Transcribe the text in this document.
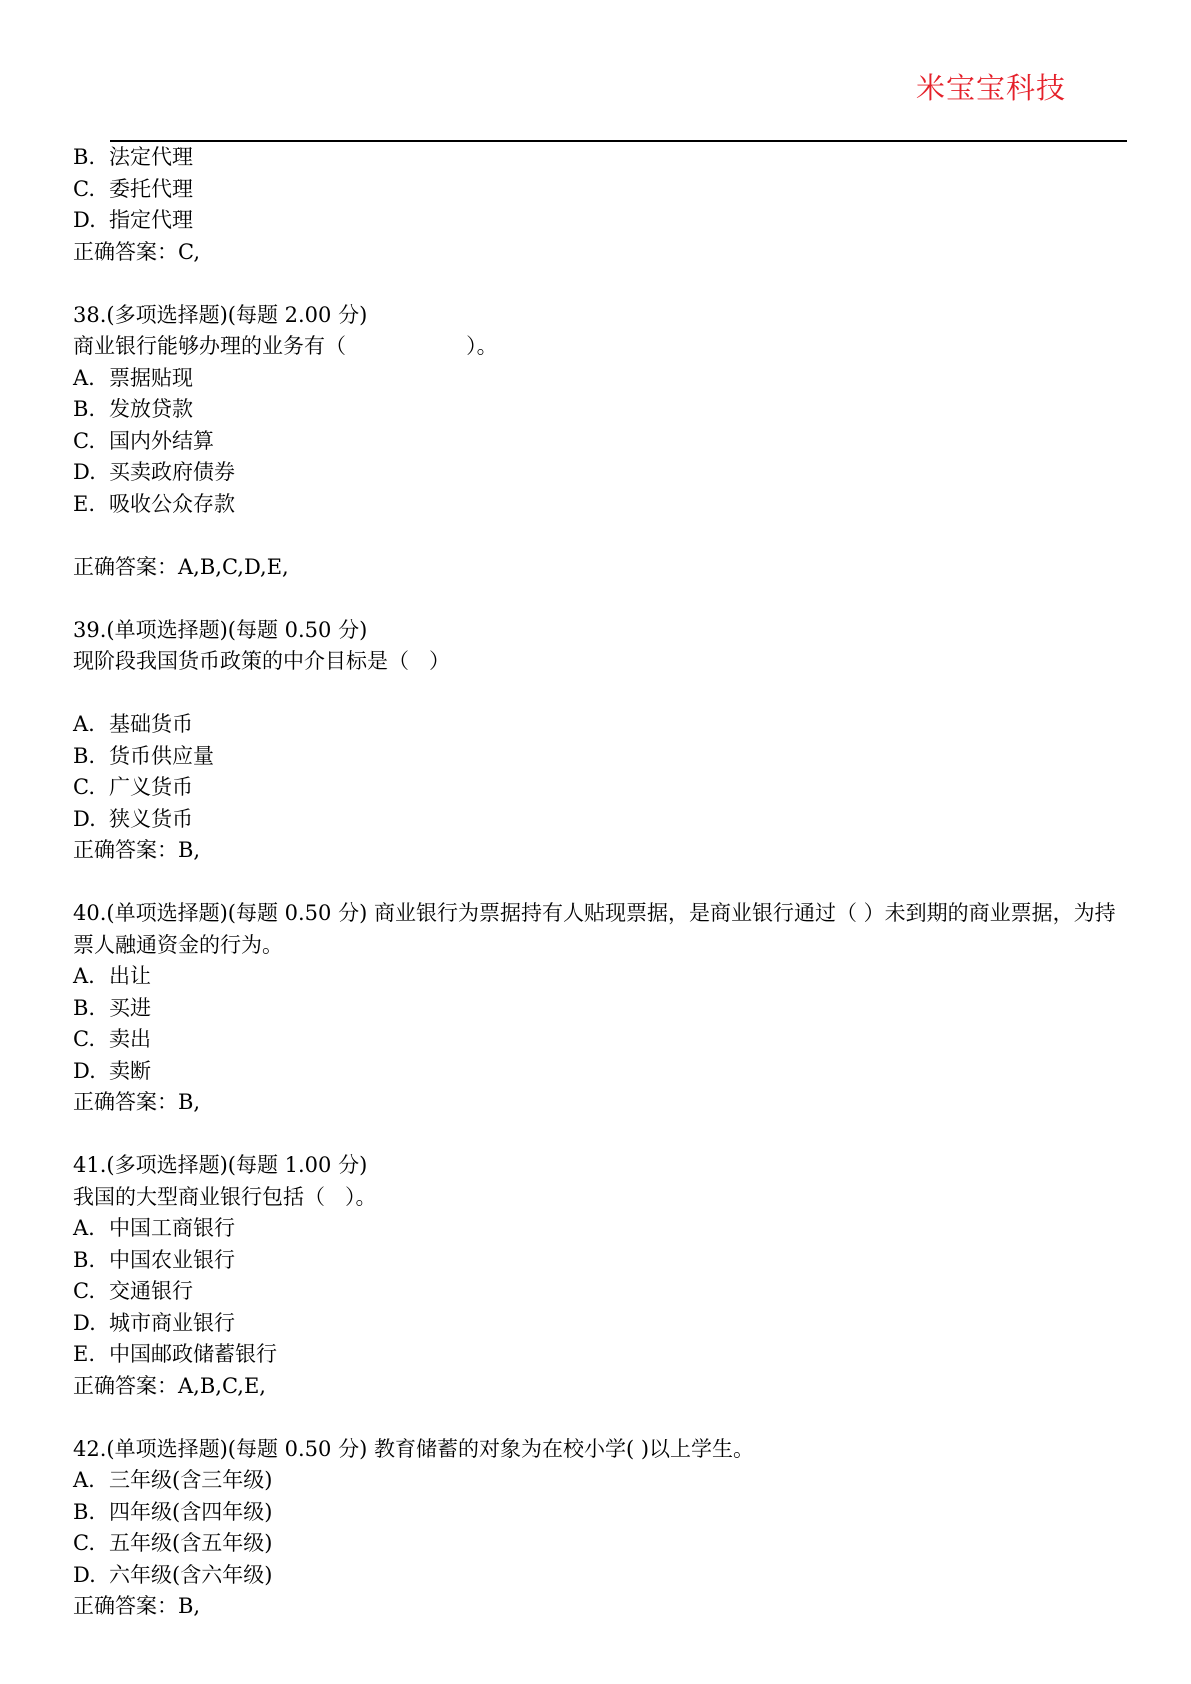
米宝宝科技
B. 法定代理
C. 委托代理
D. 指定代理
正确答案：C,
38.(多项选择题)(每题 2.00 分)
商业银行能够办理的业务有（                  ）。
A. 票据贴现
B. 发放贷款
C. 国内外结算
D. 买卖政府债券
E. 吸收公众存款
正确答案：A,B,C,D,E,
39.(单项选择题)(每题 0.50 分)
现阶段我国货币政策的中介目标是（   ）
A. 基础货币
B. 货币供应量
C. 广义货币
D. 狭义货币
正确答案：B,
40.(单项选择题)(每题 0.50 分) 商业银行为票据持有人贴现票据，是商业银行通过（ ）未到期的商业票据，为持票人融通资金的行为。
A. 出让
B. 买进
C. 卖出
D. 卖断
正确答案：B,
41.(多项选择题)(每题 1.00 分)
我国的大型商业银行包括（   ）。
A. 中国工商银行
B. 中国农业银行
C. 交通银行
D. 城市商业银行
E. 中国邮政储蓄银行
正确答案：A,B,C,E,
42.(单项选择题)(每题 0.50 分) 教育储蓄的对象为在校小学( )以上学生。
A. 三年级(含三年级)
B. 四年级(含四年级)
C. 五年级(含五年级)
D. 六年级(含六年级)
正确答案：B,
